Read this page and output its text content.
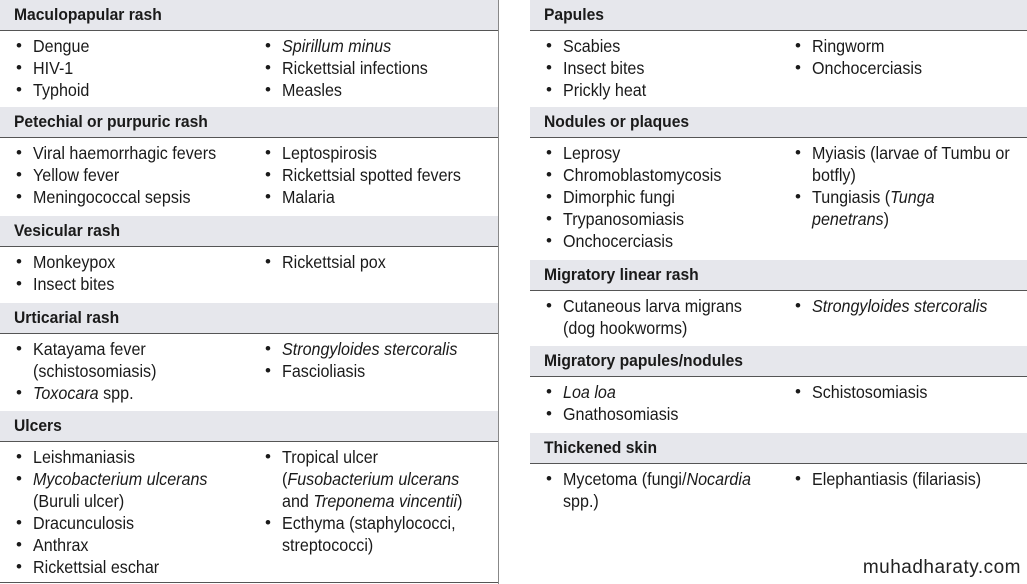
Maculopapular rash
• Dengue
• HIV-1
• Typhoid
• Spirillum minus
• Rickettsial infections
• Measles
Petechial or purpuric rash
• Viral haemorrhagic fevers
• Yellow fever
• Meningococcal sepsis
• Leptospirosis
• Rickettsial spotted fevers
• Malaria
Vesicular rash
• Monkeypox
• Insect bites
• Rickettsial pox
Urticarial rash
• Katayama fever
(schistosomiasis)
• Toxocara spp.
• Strongyloides stercoralis
• Fascioliasis
Ulcers
• Leishmaniasis
• Mycobacterium ulcerans
(Buruli ulcer)
• Dracunculosis
• Anthrax
• Rickettsial eschar
• Tropical ulcer
(Fusobacterium ulcerans
and Treponema vincentii)
• Ecthyma (staphylococci,
streptococci)
Papules
• Scabies
• Insect bites
• Prickly heat
• Ringworm
• Onchocerciasis
Nodules or plaques
• Leprosy
• Chromoblastomycosis
• Dimorphic fungi
• Trypanosomiasis
• Onchocerciasis
• Myiasis (larvae of Tumbu or
botfly)
• Tungiasis (Tunga
penetrans)
Migratory linear rash
• Cutaneous larva migrans
(dog hookworms)
• Strongyloides stercoralis
Migratory papules/nodules
• Loa loa
• Gnathosomiasis
• Schistosomiasis
Thickened skin
• Mycetoma (fungi/Nocardia
spp.)
• Elephantiasis (filariasis)
muhadharaty.com
